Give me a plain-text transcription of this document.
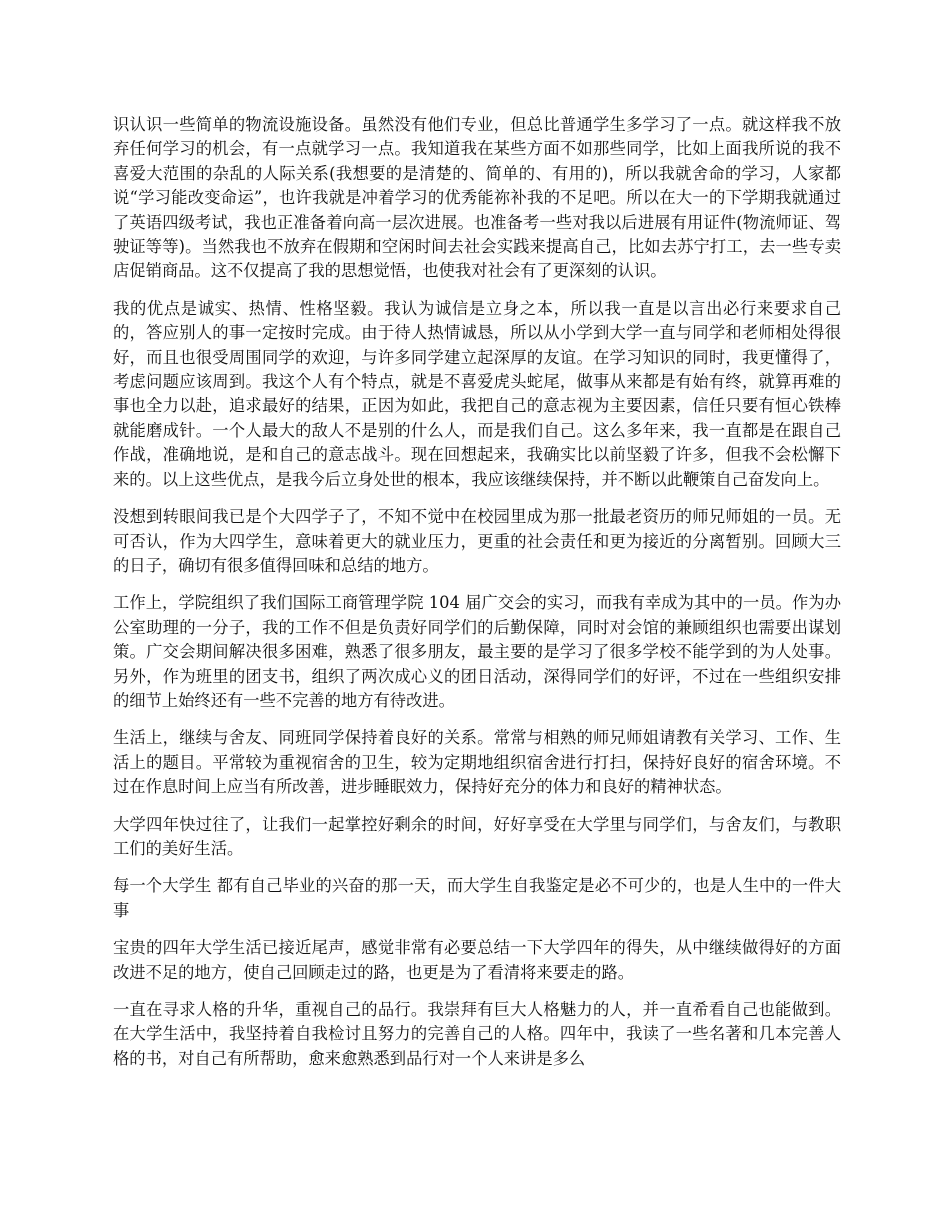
识认识一些简单的物流设施设备。虽然没有他们专业，但总比普通学生多学习了一点。就这样我不放弃任何学习的机会，有一点就学习一点。我知道我在某些方面不如那些同学，比如上面我所说的我不喜爱大范围的杂乱的人际关系(我想要的是清楚的、简单的、有用的)，所以我就舍命的学习，人家都说“学习能改变命运”，也许我就是冲着学习的优秀能祢补我的不足吧。所以在大一的下学期我就通过了英语四级考试，我也正准备着向高一层次进展。也准备考一些对我以后进展有用证件(物流师证、驾驶证等等)。当然我也不放弃在假期和空闲时间去社会实践来提高自己，比如去苏宁打工，去一些专卖店促销商品。这不仅提高了我的思想觉悟，也使我对社会有了更深刻的认识。

我的优点是诚实、热情、性格坚毅。我认为诚信是立身之本，所以我一直是以言出必行来要求自己的，答应别人的事一定按时完成。由于待人热情诚恳，所以从小学到大学一直与同学和老师相处得很好，而且也很受周围同学的欢迎，与许多同学建立起深厚的友谊。在学习知识的同时，我更懂得了，考虑问题应该周到。我这个人有个特点，就是不喜爱虎头蛇尾，做事从来都是有始有终，就算再难的事也全力以赴，追求最好的结果，正因为如此，我把自己的意志视为主要因素，信任只要有恒心铁棒就能磨成针。一个人最大的敌人不是别的什么人，而是我们自己。这么多年来，我一直都是在跟自己作战，准确地说，是和自己的意志战斗。现在回想起来，我确实比以前坚毅了许多，但我不会松懈下来的。以上这些优点，是我今后立身处世的根本，我应该继续保持，并不断以此鞭策自己奋发向上。

没想到转眼间我已是个大四学子了，不知不觉中在校园里成为那一批最老资历的师兄师姐的一员。无可否认，作为大四学生，意味着更大的就业压力，更重的社会责任和更为接近的分离暂别。回顾大三的日子，确切有很多值得回味和总结的地方。

工作上，学院组织了我们国际工商管理学院 104 届广交会的实习，而我有幸成为其中的一员。作为办公室助理的一分子，我的工作不但是负责好同学们的后勤保障，同时对会馆的兼顾组织也需要出谋划策。广交会期间解决很多困难，熟悉了很多朋友，最主要的是学习了很多学校不能学到的为人处事。另外，作为班里的团支书，组织了两次成心义的团日活动，深得同学们的好评，不过在一些组织安排的细节上始终还有一些不完善的地方有待改进。

生活上，继续与舍友、同班同学保持着良好的关系。常常与相熟的师兄师姐请教有关学习、工作、生活上的题目。平常较为重视宿舍的卫生，较为定期地组织宿舍进行打扫，保持好良好的宿舍环境。不过在作息时间上应当有所改善，进步睡眠效力，保持好充分的体力和良好的精神状态。

大学四年快过往了，让我们一起掌控好剩余的时间，好好享受在大学里与同学们，与舍友们，与教职工们的美好生活。

每一个大学生 都有自己毕业的兴奋的那一天，而大学生自我鉴定是必不可少的，也是人生中的一件大事

宝贵的四年大学生活已接近尾声，感觉非常有必要总结一下大学四年的得失，从中继续做得好的方面改进不足的地方，使自己回顾走过的路，也更是为了看清将来要走的路。

一直在寻求人格的升华，重视自己的品行。我崇拜有巨大人格魅力的人，并一直希看自己也能做到。在大学生活中，我坚持着自我检讨且努力的完善自己的人格。四年中，我读了一些名著和几本完善人格的书，对自己有所帮助，愈来愈熟悉到品行对一个人来讲是多么
